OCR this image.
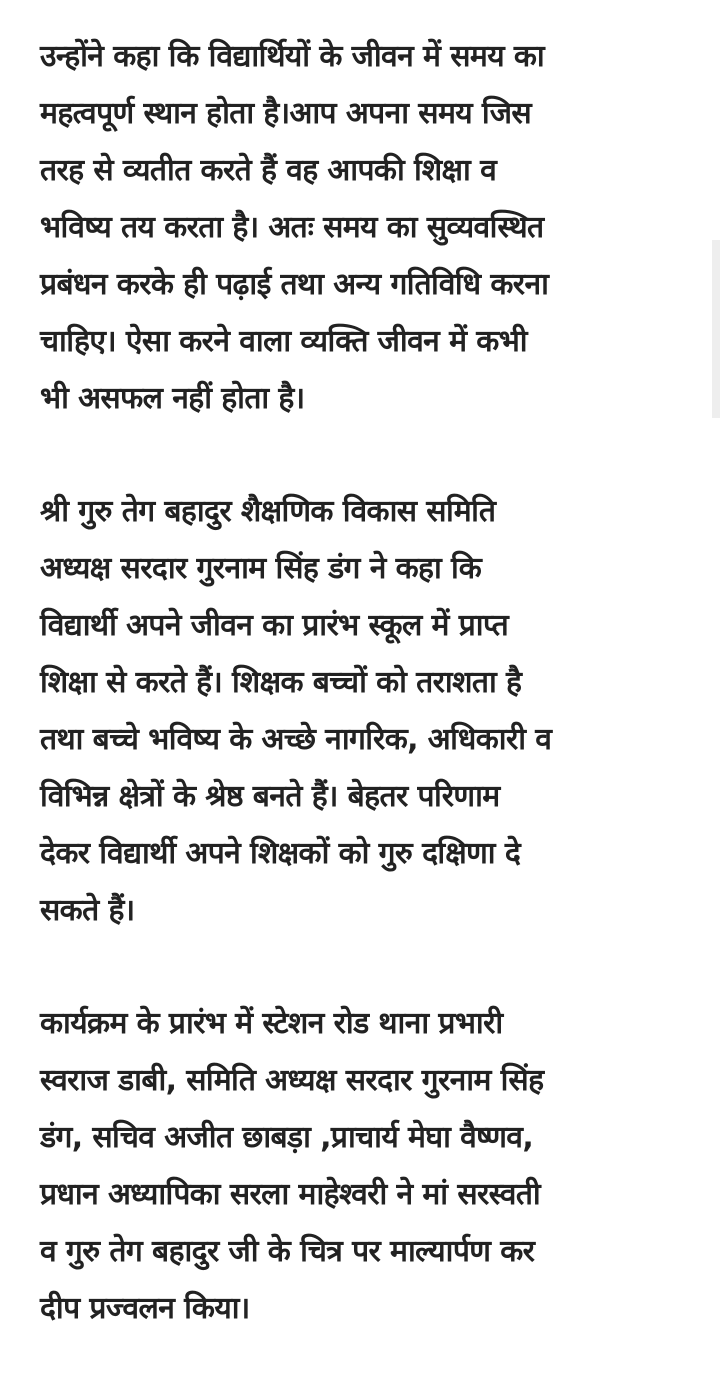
उन्होंने कहा कि विद्यार्थियों के जीवन में समय का
महत्वपूर्ण स्थान होता है।आप अपना समय जिस
तरह से व्यतीत करते हैं वह आपकी शिक्षा व
भविष्य तय करता है। अतः समय का सुव्यवस्थित
प्रबंधन करके ही पढ़ाई तथा अन्य गतिविधि करना
चाहिए। ऐसा करने वाला व्यक्ति जीवन में कभी
भी असफल नहीं होता है।

श्री गुरु तेग बहादुर शैक्षणिक विकास समिति
अध्यक्ष सरदार गुरनाम सिंह डंग ने कहा कि
विद्यार्थी अपने जीवन का प्रारंभ स्कूल में प्राप्त
शिक्षा से करते हैं। शिक्षक बच्चों को तराशता है
तथा बच्चे भविष्य के अच्छे नागरिक, अधिकारी व
विभिन्न क्षेत्रों के श्रेष्ठ बनते हैं। बेहतर परिणाम
देकर विद्यार्थी अपने शिक्षकों को गुरु दक्षिणा दे
सकते हैं।

कार्यक्रम के प्रारंभ में स्टेशन रोड थाना प्रभारी
स्वराज डाबी, समिति अध्यक्ष सरदार गुरनाम सिंह
डंग, सचिव अजीत छाबड़ा ,प्राचार्य मेघा वैष्णव,
प्रधान अध्यापिका सरला माहेश्वरी ने मां सरस्वती
व गुरु तेग बहादुर जी के चित्र पर माल्यार्पण कर
दीप प्रज्वलन किया।
